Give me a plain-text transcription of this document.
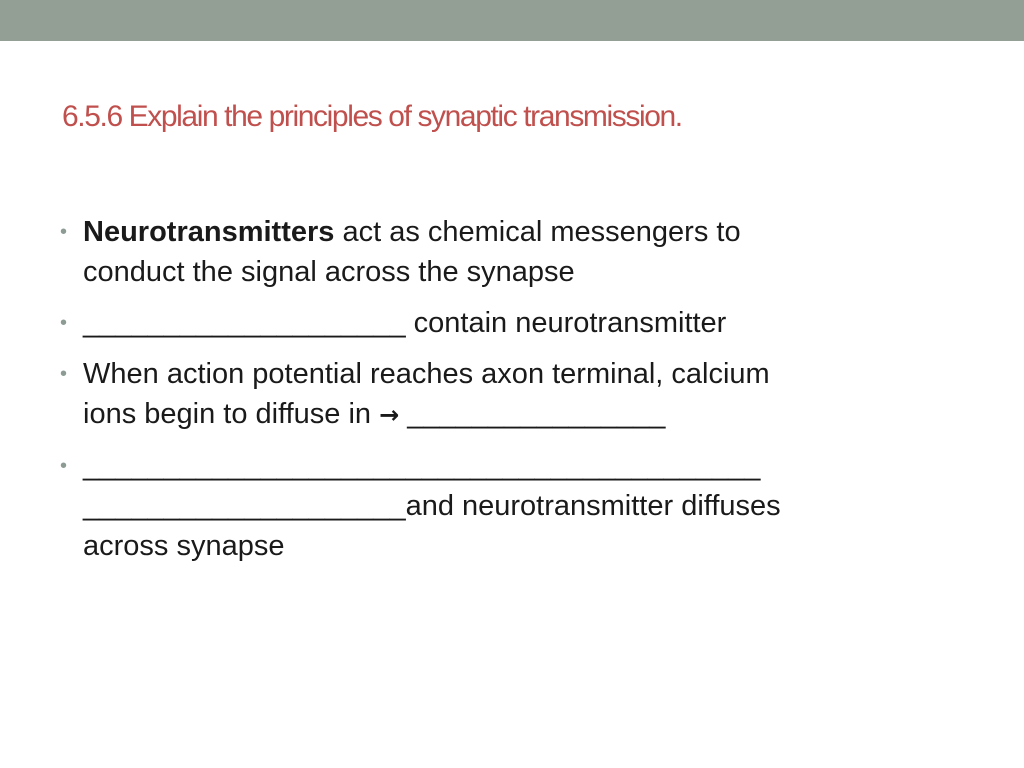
6.5.6 Explain the principles of synaptic transmission.
• Neurotransmitters act as chemical messengers to
conduct the signal across the synapse
• ____________________ contain neurotransmitter
• When action potential reaches axon terminal, calcium
ions begin to diffuse in → ________________
• __________________________________________
____________________and neurotransmitter diffuses
across synapse
